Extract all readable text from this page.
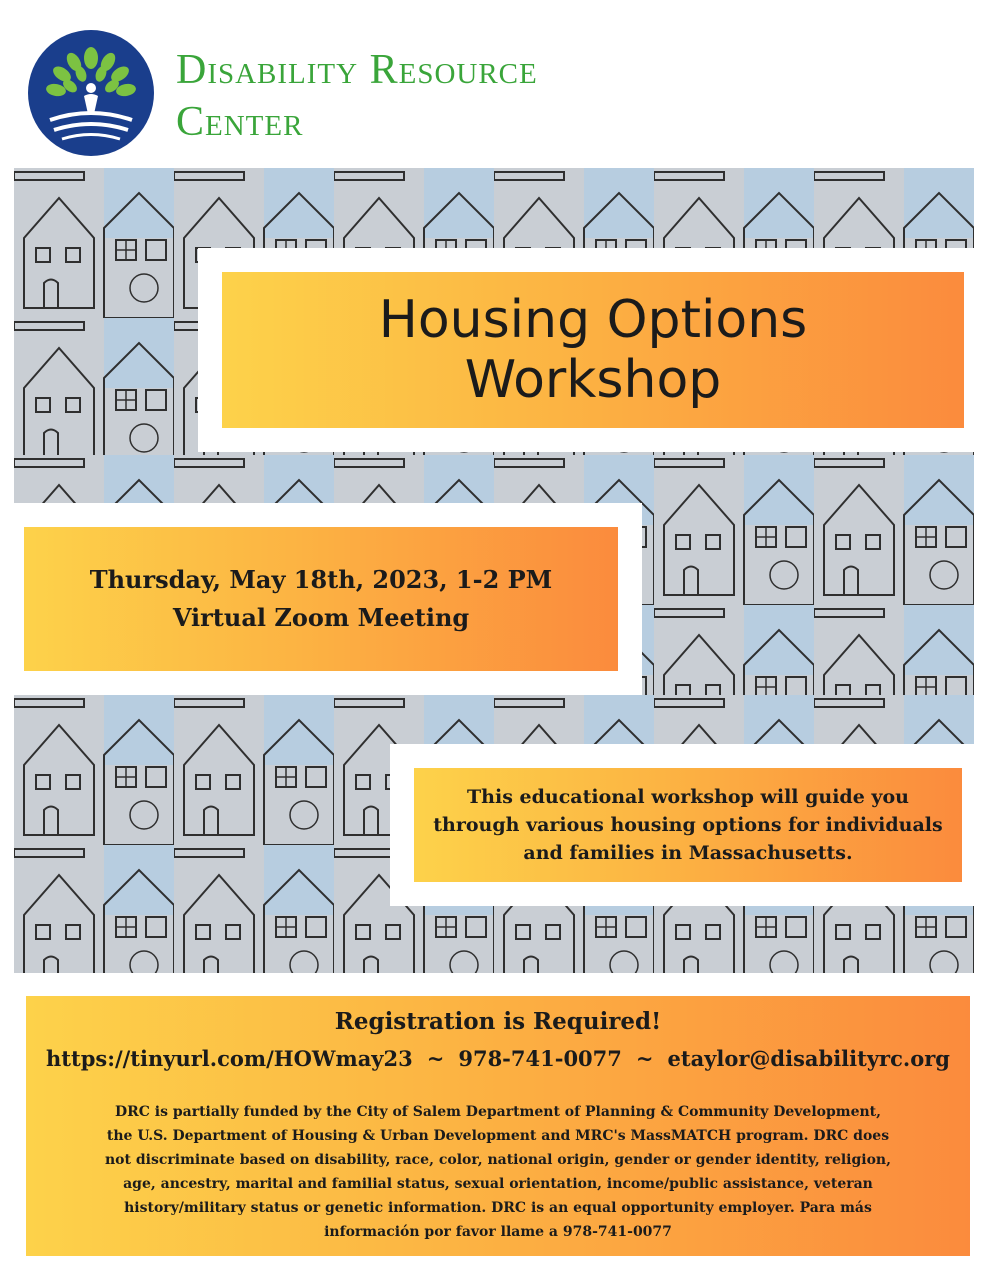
Disability Resource
Center
Housing Options
Workshop
Thursday, May 18th, 2023, 1-2 PM
Virtual Zoom Meeting
This educational workshop will guide you
through various housing options for individuals
and families in Massachusetts.
Registration is Required!
https://tinyurl.com/HOWmay23 ~ 978-741-0077 ~ etaylor@disabilityrc.org
DRC is partially funded by the City of Salem Department of Planning & Community Development,
the U.S. Department of Housing & Urban Development and MRC's MassMATCH program. DRC does
not discriminate based on disability, race, color, national origin, gender or gender identity, religion,
age, ancestry, marital and familial status, sexual orientation, income/public assistance, veteran
history/military status or genetic information. DRC is an equal opportunity employer. Para más
información por favor llame a 978-741-0077
